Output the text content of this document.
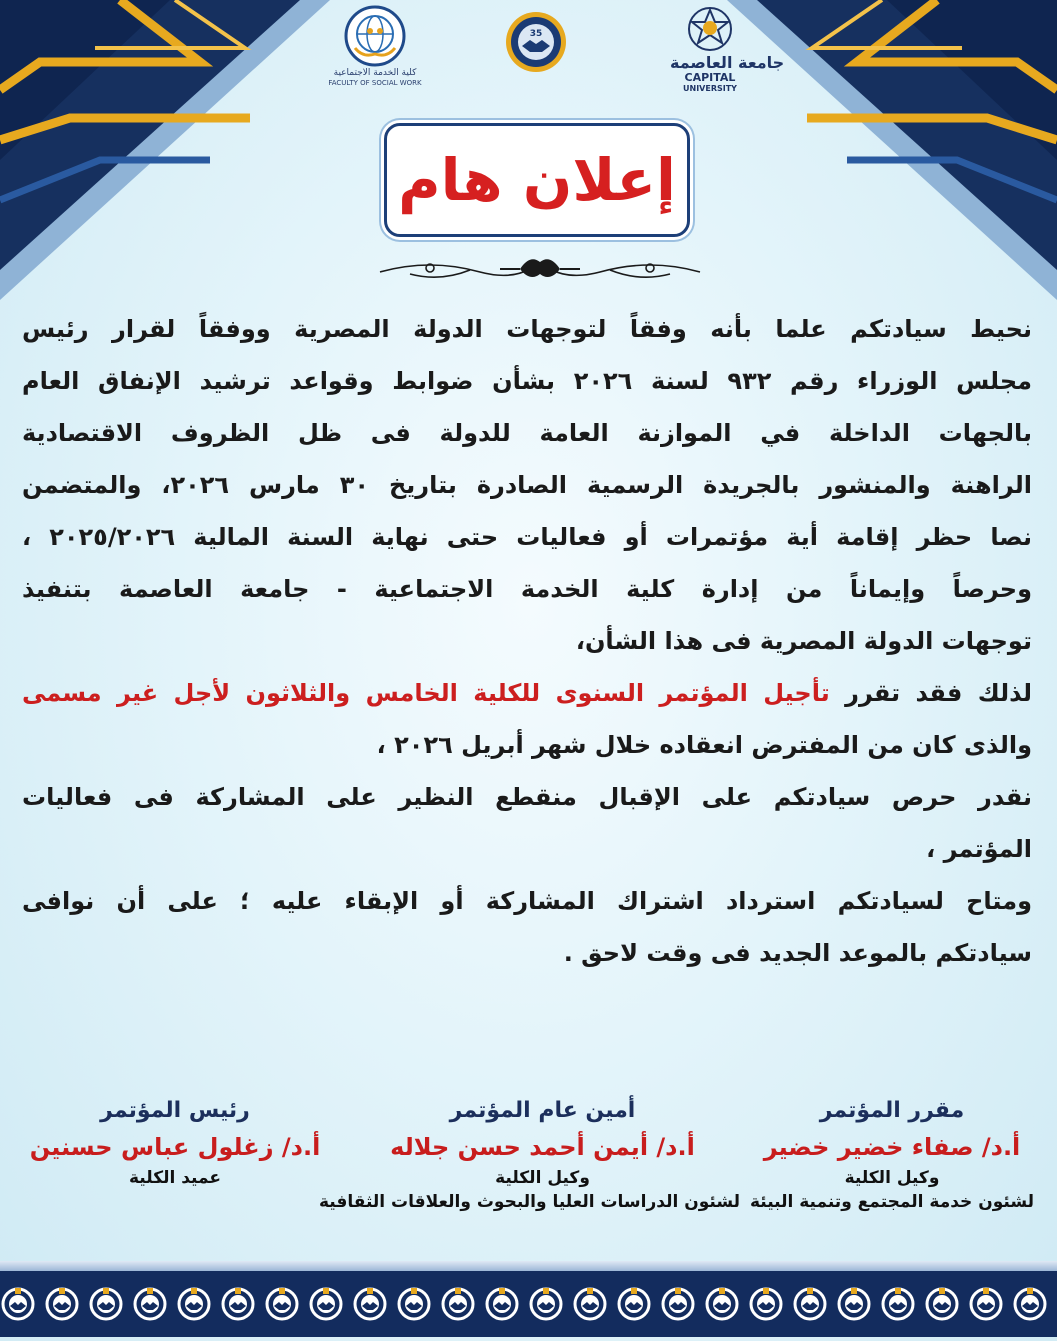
كلية الخدمة الاجتماعية
FACULTY OF SOCIAL WORK
35
جامعة العاصمة
CAPITAL
UNIVERSITY
إعلان هام
نحيط سيادتكم علما بأنه وفقاً لتوجهات الدولة المصرية ووفقاً لقرار رئيس
مجلس الوزراء رقم ٩٣٢ لسنة ٢٠٢٦ بشأن ضوابط وقواعد ترشيد الإنفاق العام
بالجهات الداخلة في الموازنة العامة للدولة فى ظل الظروف الاقتصادية
الراهنة والمنشور بالجريدة الرسمية الصادرة بتاريخ ٣٠ مارس ٢٠٢٦، والمتضمن
نصا حظر إقامة أية مؤتمرات أو فعاليات حتى نهاية السنة المالية ٢٠٢٥/٢٠٢٦ ،
وحرصاً وإيماناً من إدارة كلية الخدمة الاجتماعية - جامعة العاصمة بتنفيذ
توجهات الدولة المصرية فى هذا الشأن،
لذلك فقد تقرر تأجيل المؤتمر السنوى للكلية الخامس والثلاثون لأجل غير مسمى
والذى كان من المفترض انعقاده خلال شهر أبريل ٢٠٢٦ ،
نقدر حرص سيادتكم على الإقبال منقطع النظير على المشاركة فى فعاليات
المؤتمر ،
ومتاح لسيادتكم استرداد اشتراك المشاركة أو الإبقاء عليه ؛ على أن نوافى
سيادتكم بالموعد الجديد فى وقت لاحق .
مقرر المؤتمر
أ.د/ صفاء خضير خضير
وكيل الكلية
لشئون خدمة المجتمع وتنمية البيئة
أمين عام المؤتمر
أ.د/ أيمن أحمد حسن جلاله
وكيل الكلية
لشئون الدراسات العليا والبحوث والعلاقات الثقافية
رئيس المؤتمر
أ.د/ زغلول عباس حسنين
عميد الكلية
